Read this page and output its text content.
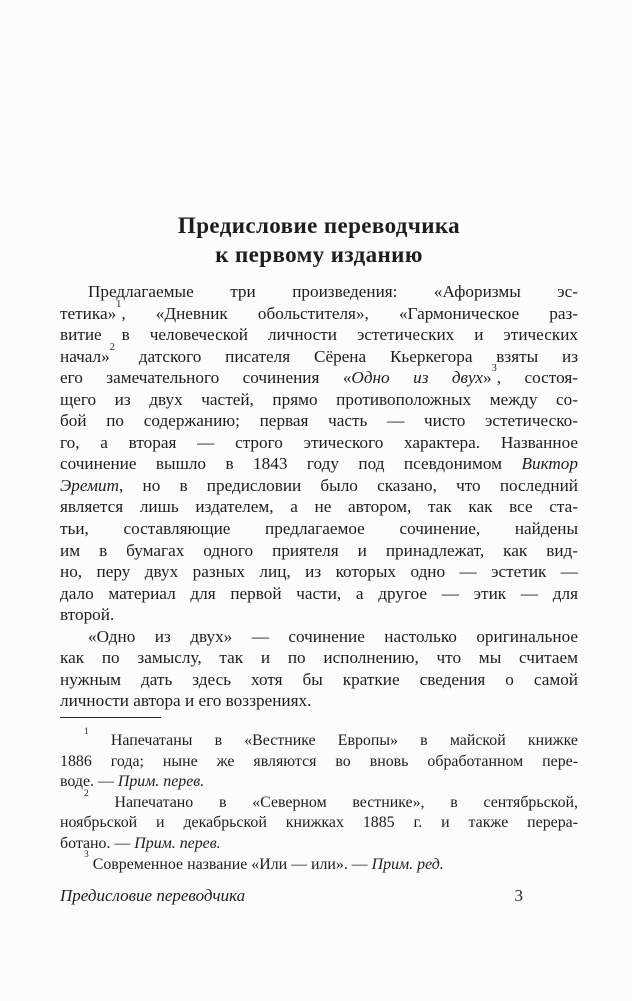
Предисловие переводчика
к первому изданию
Предлагаемые три произведения: «Афоризмы эс-
тетика»$^1$, «Дневник обольстителя», «Гармоническое раз-
витие в человеческой личности эстетических и этических
начал»$^2$ датского писателя Сёрена Кьеркегора взяты из
его замечательного сочинения «Одно из двух»$^3$, состоя-
щего из двух частей, прямо противоположных между со-
бой по содержанию; первая часть — чисто эстетическо-
го, а вторая — строго этического характера. Названное
сочинение вышло в 1843 году под псевдонимом Виктор
Эремит, но в предисловии было сказано, что последний
является лишь издателем, а не автором, так как все ста-
тьи, составляющие предлагаемое сочинение, найдены
им в бумагах одного приятеля и принадлежат, как вид-
но, перу двух разных лиц, из которых одно — эстетик —
дало материал для первой части, а другое — этик — для
второй.
«Одно из двух» — сочинение настолько оригинальное
как по замыслу, так и по исполнению, что мы считаем
нужным дать здесь хотя бы краткие сведения о самой
личности автора и его воззрениях.
$^1$ Напечатаны в «Вестнике Европы» в майской книжке
1886 года; ныне же являются во вновь обработанном пере-
воде. — Прим. перев.
$^2$ Напечатано в «Северном вестнике», в сентябрьской,
ноябрьской и декабрьской книжках 1885 г. и также перера-
ботано. — Прим. перев.
$^3$ Современное название «Или — или». — Прим. ред.
Предисловие переводчика	3
